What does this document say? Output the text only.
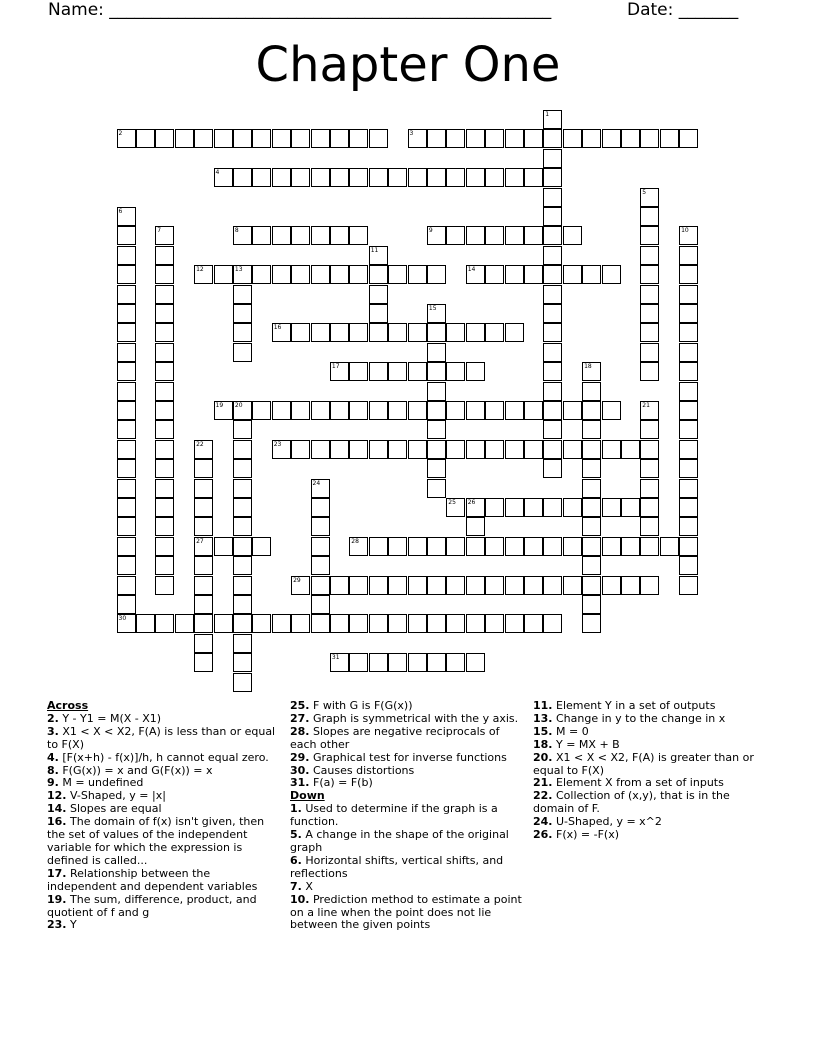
Name: ____________________________________________________	Date: _______
Chapter One
1
2	3
4
5
6
7	8	9	10
11
12	13	14
15
16
17	18
19 20	21
22
27
23
24
25 26
28
29
30
31
Across
2. Y - Y1 = M(X - X1)
3. X1 < X < X2, F(A) is less than or equal to F(X)
4. [F(x+h) - f(x)]/h, h cannot equal zero.
8. F(G(x)) = x and G(F(x)) = x
9. M = undefined
12. V-Shaped, y = |x|
14. Slopes are equal
16. The domain of f(x) isn't given, then the set of values of the independent variable for which the expression is defined is called...
17. Relationship between the independent and dependent variables
19. The sum, difference, product, and quotient of f and g
23. Y
25. F with G is F(G(x))
27. Graph is symmetrical with the y axis.
28. Slopes are negative reciprocals of each other
29. Graphical test for inverse functions
30. Causes distortions
31. F(a) = F(b)
Down
1. Used to determine if the graph is a function.
5. A change in the shape of the original graph
6. Horizontal shifts, vertical shifts, and reflections
7. X
10. Prediction method to estimate a point on a line when the point does not lie between the given points
11. Element Y in a set of outputs
13. Change in y to the change in x
15. M = 0
18. Y = MX + B
20. X1 < X < X2, F(A) is greater than or equal to F(X)
21. Element X from a set of inputs
22. Collection of (x,y), that is in the domain of F.
24. U-Shaped, y = x^2
26. F(x) = -F(x)
